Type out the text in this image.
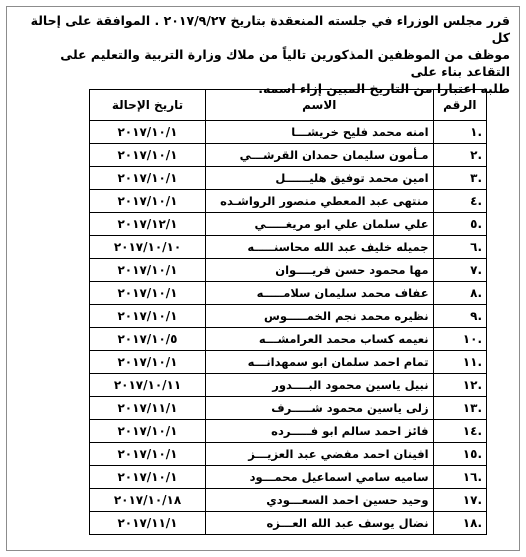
قرر مجلس الوزراء في جلسته المنعقدة بتاريخ ٢٠١٧/٩/٢٧ . الموافقة على إحالة كل
موظف من الموظفين المذكورين تالياً من ملاك وزارة التربية والتعليم على التقاعد بناء على
طلبه اعتبارا من التاريخ المبين إزاء اسمه.
الرقم	الاسم	تاريخ الإحالة
.١	امنه محمد فليح خريشـــا	٢٠١٧/١٠/١
.٢	مـأمون سليمان حمدان القرشـــي	٢٠١٧/١٠/١
.٣	امين محمد توفيق هليــــــل	٢٠١٧/١٠/١
.٤	منتهى عبد المعطي منصور الرواشـده	٢٠١٧/١٠/١
.٥	علي سلمان علي ابو مريغـــــي	٢٠١٧/١٢/١
.٦	جميله خليف عبد الله محاسنـــــه	٢٠١٧/١٠/١٠
.٧	مها محمود حسن فريــــوان	٢٠١٧/١٠/١
.٨	عفاف محمد سليمان سلامـــــه	٢٠١٧/١٠/١
.٩	نظيره محمد نجم الخمـــــوس	٢٠١٧/١٠/١
.١٠	نعيمه كساب محمد العرامشـــه	٢٠١٧/١٠/٥
.١١	تمام احمد سلمان ابو سمهدانـــه	٢٠١٧/١٠/١
.١٢	نبيل ياسين محمود البــــدور	٢٠١٧/١٠/١١
.١٣	زلى ياسين محمود شـــــرف	٢٠١٧/١١/١
.١٤	فائز احمد سالم ابو فـــــرده	٢٠١٧/١٠/١
.١٥	افينان احمد مفضي عبد العزيـــز	٢٠١٧/١٠/١
.١٦	ساميه سامي اسماعيل محمـــود	٢٠١٧/١٠/١
.١٧	وحيد حسين احمد السعـــودي	٢٠١٧/١٠/١٨
.١٨	نضال يوسف عبد الله العـــزه	٢٠١٧/١١/١
